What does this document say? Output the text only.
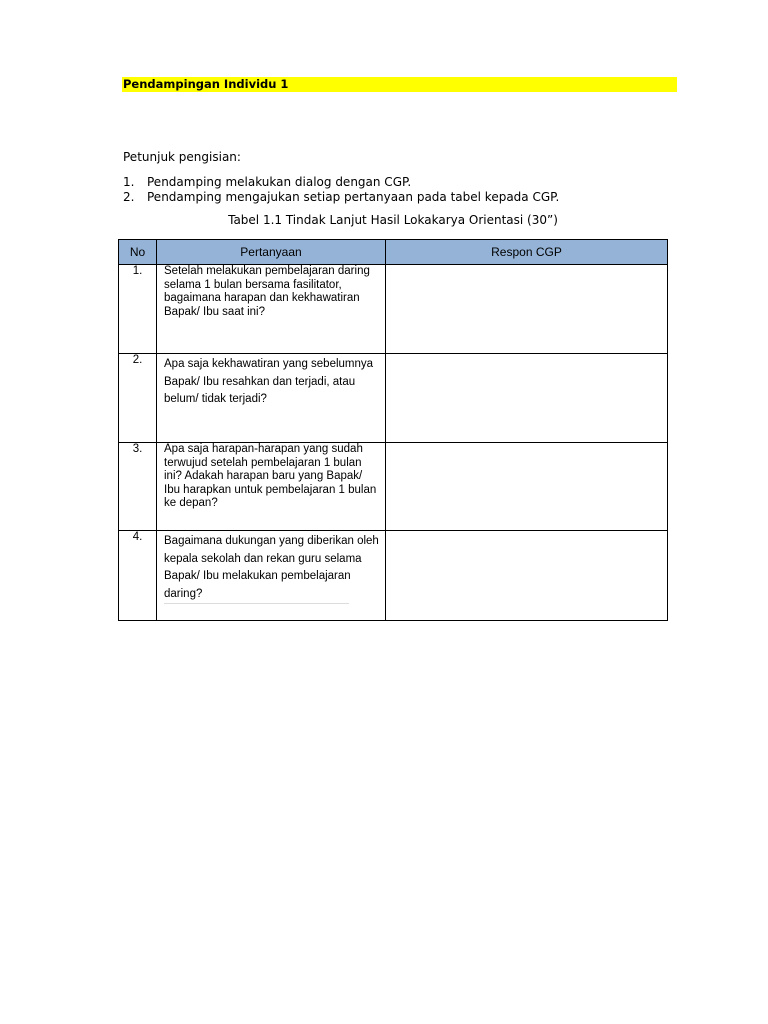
Pendampingan Individu 1
Petunjuk pengisian:
1. Pendamping melakukan dialog dengan CGP.
2. Pendamping mengajukan setiap pertanyaan pada tabel kepada CGP.
Tabel 1.1 Tindak Lanjut Hasil Lokakarya Orientasi (30”)
No	Pertanyaan	Respon CGP
1.	Setelah melakukan pembelajaran daring selama 1 bulan bersama fasilitator, bagaimana harapan dan kekhawatiran Bapak/ Ibu saat ini?	

2.	Apa saja kekhawatiran yang sebelumnya Bapak/ Ibu resahkan dan terjadi, atau belum/ tidak terjadi?	

3.	Apa saja harapan-harapan yang sudah terwujud setelah pembelajaran 1 bulan ini? Adakah harapan baru yang Bapak/ Ibu harapkan untuk pembelajaran 1 bulan ke depan?	

4.	Bagaimana dukungan yang diberikan oleh kepala sekolah dan rekan guru selama Bapak/ Ibu melakukan pembelajaran daring?	
